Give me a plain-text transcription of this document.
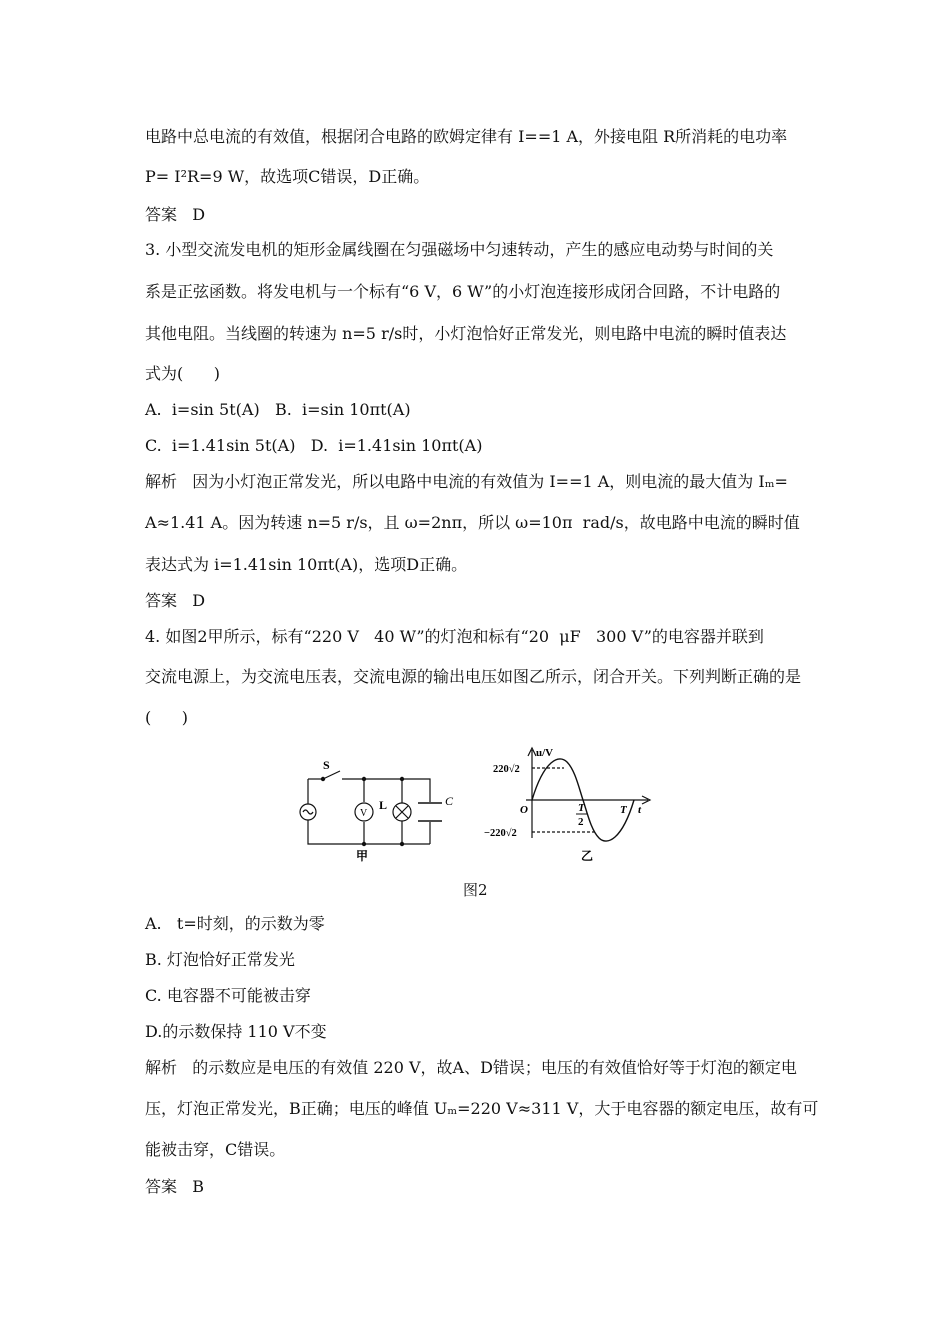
电路中总电流的有效值，根据闭合电路的欧姆定律有 I==1 A，外接电阻 R所消耗的电功率
P= I²R=9 W，故选项C错误，D正确。
答案   D
3. 小型交流发电机的矩形金属线圈在匀强磁场中匀速转动，产生的感应电动势与时间的关
系是正弦函数。将发电机与一个标有“6 V，6 W”的小灯泡连接形成闭合回路，不计电路的
其他电阻。当线圈的转速为 n=5 r/s时，小灯泡恰好正常发光，则电路中电流的瞬时值表达
式为(      )
A.  i=sin 5t(A)   B.  i=sin 10πt(A)
C.  i=1.41sin 5t(A)   D.  i=1.41sin 10πt(A)
解析   因为小灯泡正常发光，所以电路中电流的有效值为 I==1 A，则电流的最大值为 Iₘ=
A≈1.41 A。因为转速 n=5 r/s，且 ω=2nπ，所以 ω=10π  rad/s，故电路中电流的瞬时值
表达式为 i=1.41sin 10πt(A)，选项D正确。
答案   D
4. 如图2甲所示，标有“220 V   40 W”的灯泡和标有“20  μF   300 V”的电容器并联到
交流电源上，为交流电压表，交流电源的输出电压如图乙所示，闭合开关。下列判断正确的是
(      )
S
V
L	C
甲
u/V
220√2
−220√2
O	T
2
T t
乙
图2
A.   t=时刻，的示数为零
B. 灯泡恰好正常发光
C. 电容器不可能被击穿
D.的示数保持 110 V不变
解析   的示数应是电压的有效值 220 V，故A、D错误；电压的有效值恰好等于灯泡的额定电
压，灯泡正常发光，B正确；电压的峰值 Uₘ=220 V≈311 V，大于电容器的额定电压，故有可
能被击穿，C错误。
答案   B
